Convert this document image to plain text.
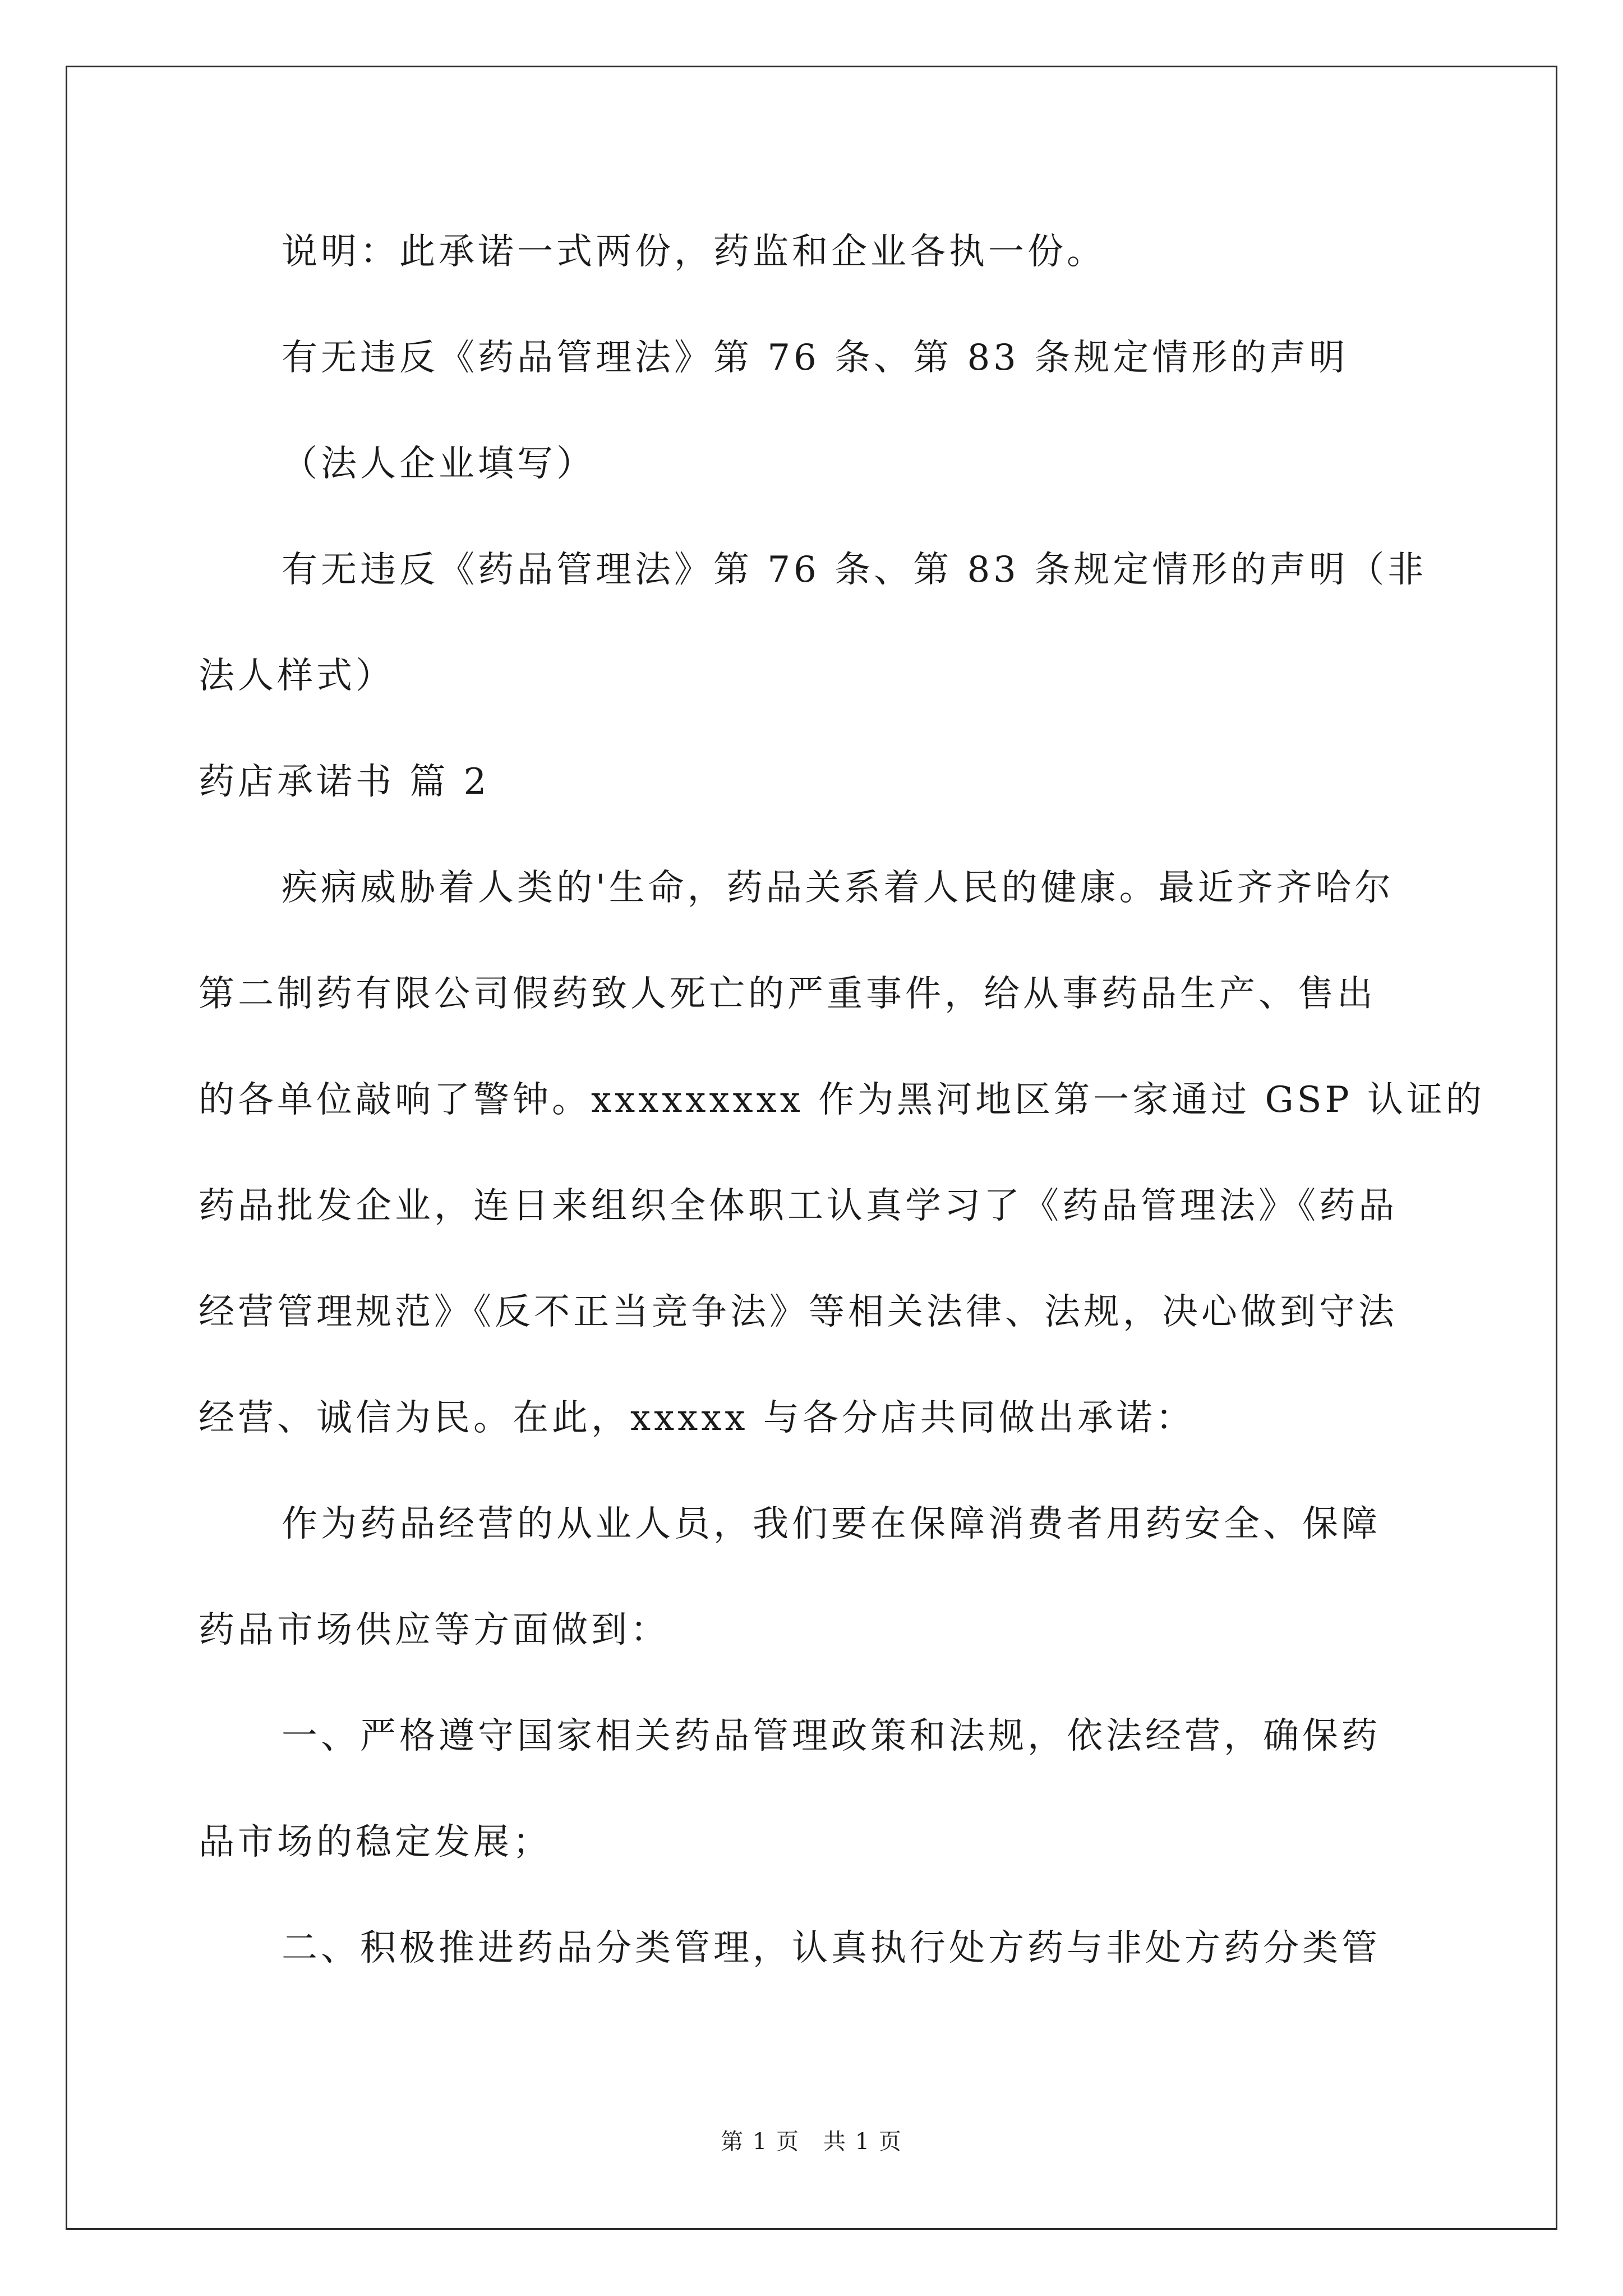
说明：此承诺一式两份，药监和企业各执一份。

有无违反《药品管理法》第 76 条、第 83 条规定情形的声明

（法人企业填写）

有无违反《药品管理法》第 76 条、第 83 条规定情形的声明（非

法人样式）

药店承诺书 篇 2

疾病威胁着人类的'生命，药品关系着人民的健康。最近齐齐哈尔

第二制药有限公司假药致人死亡的严重事件，给从事药品生产、售出

的各单位敲响了警钟。xxxxxxxxx 作为黑河地区第一家通过 GSP 认证的

药品批发企业，连日来组织全体职工认真学习了《药品管理法》《药品

经营管理规范》《反不正当竞争法》等相关法律、法规，决心做到守法

经营、诚信为民。在此，xxxxx 与各分店共同做出承诺：

作为药品经营的从业人员，我们要在保障消费者用药安全、保障

药品市场供应等方面做到：

一、严格遵守国家相关药品管理政策和法规，依法经营，确保药

品市场的稳定发展；

二、积极推进药品分类管理，认真执行处方药与非处方药分类管

第 1 页　共 1 页
